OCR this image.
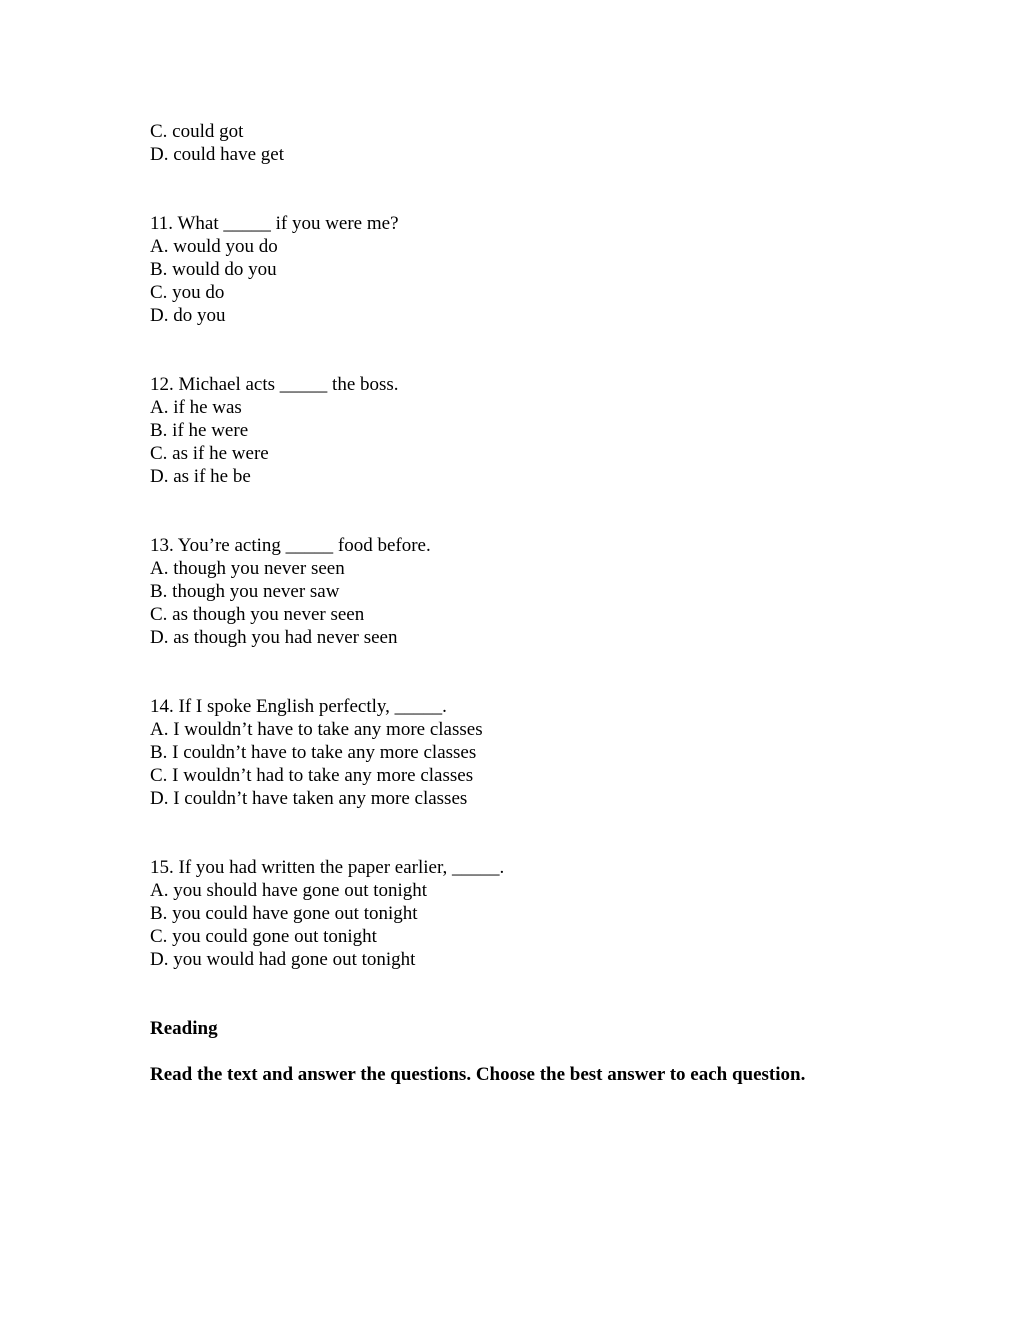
C. could got
D. could have get
11. What _____ if you were me?
A. would you do
B. would do you
C. you do
D. do you
12. Michael acts _____ the boss.
A. if he was
B. if he were
C. as if he were
D. as if he be
13. You’re acting _____ food before.
A. though you never seen
B. though you never saw
C. as though you never seen
D. as though you had never seen
14. If I spoke English perfectly, _____.
A. I wouldn’t have to take any more classes
B. I couldn’t have to take any more classes
C. I wouldn’t had to take any more classes
D. I couldn’t have taken any more classes
15. If you had written the paper earlier, _____.
A. you should have gone out tonight
B. you could have gone out tonight
C. you could gone out tonight
D. you would had gone out tonight
Reading
Read the text and answer the questions. Choose the best answer to each question.
